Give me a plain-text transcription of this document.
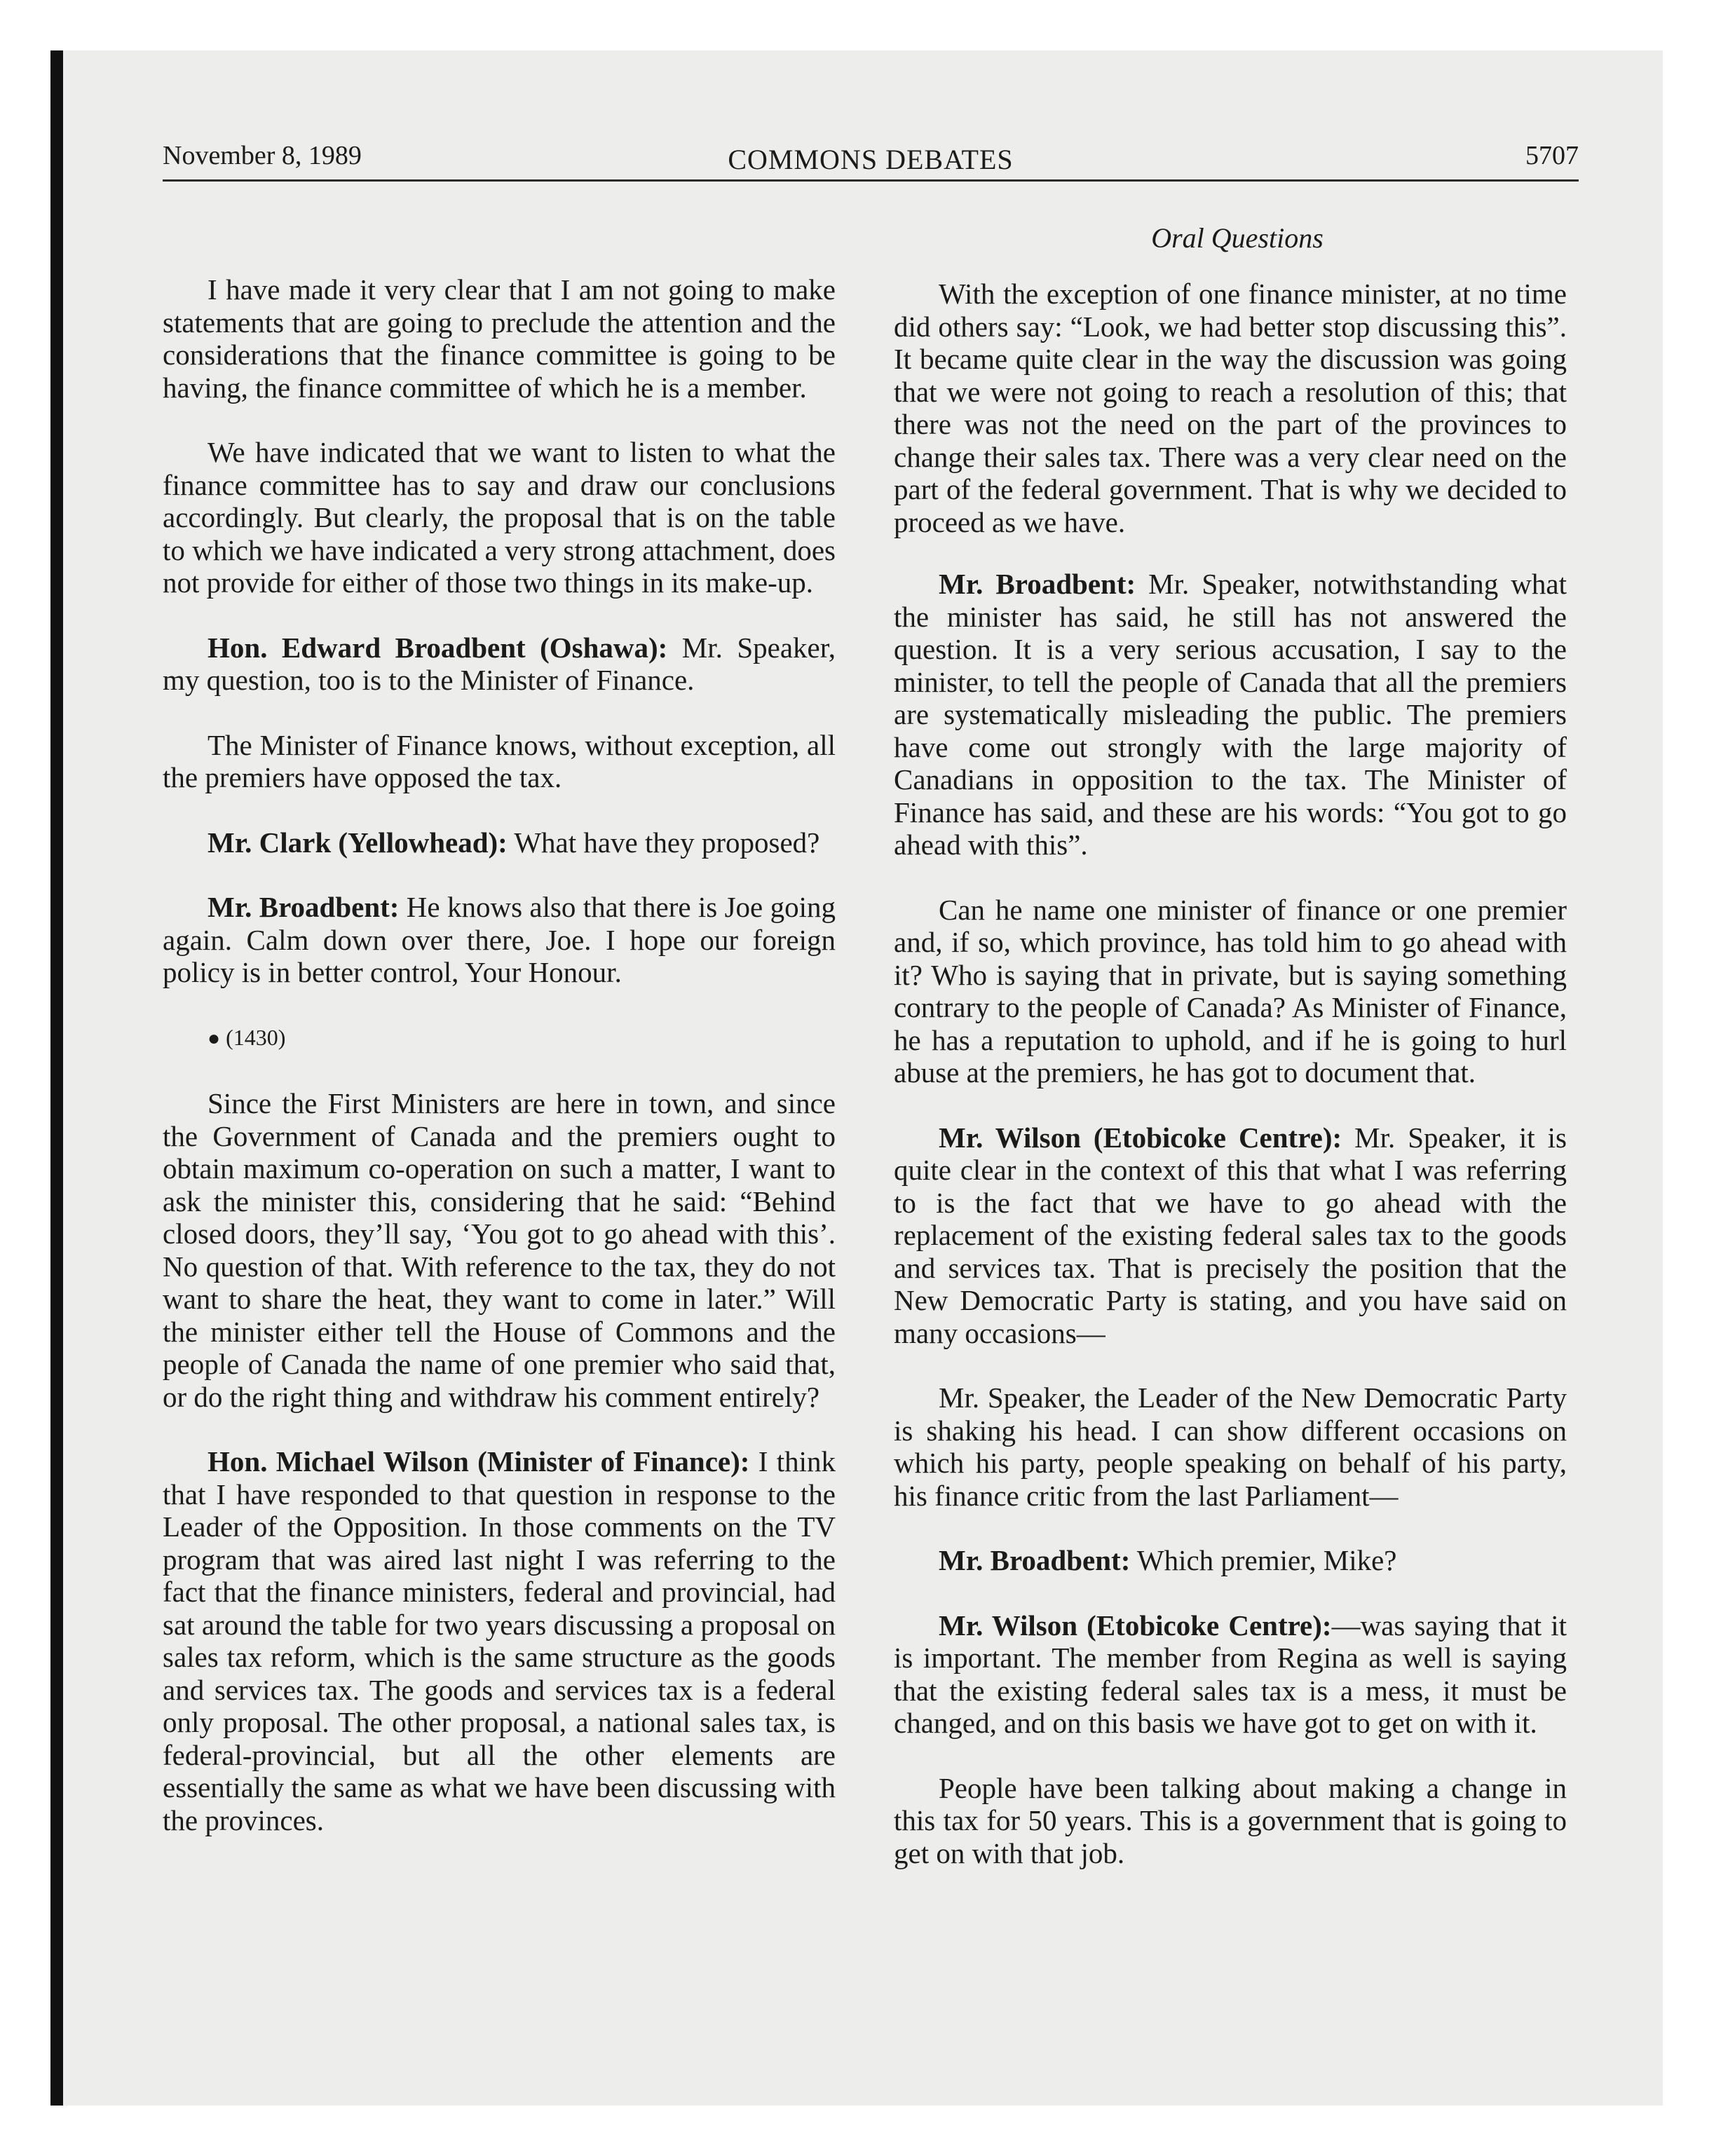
November 8, 1989	COMMONS DEBATES	5707
Oral Questions

I have made it very clear that I am not going to make statements that are going to preclude the attention and the considerations that the finance committee is going to be having, the finance committee of which he is a member.

We have indicated that we want to listen to what the finance committee has to say and draw our conclusions accordingly. But clearly, the proposal that is on the table to which we have indicated a very strong attachment, does not provide for either of those two things in its make-up.

Hon. Edward Broadbent (Oshawa): Mr. Speaker, my question, too is to the Minister of Finance.

The Minister of Finance knows, without exception, all the premiers have opposed the tax.

Mr. Clark (Yellowhead): What have they proposed?

Mr. Broadbent: He knows also that there is Joe going again. Calm down over there, Joe. I hope our foreign policy is in better control, Your Honour.

● (1430)

Since the First Ministers are here in town, and since the Government of Canada and the premiers ought to obtain maximum co-operation on such a matter, I want to ask the minister this, considering that he said: “Behind closed doors, they’ll say, ‘You got to go ahead with this’. No question of that. With reference to the tax, they do not want to share the heat, they want to come in later.” Will the minister either tell the House of Commons and the people of Canada the name of one premier who said that, or do the right thing and withdraw his comment entirely?

Hon. Michael Wilson (Minister of Finance): I think that I have responded to that question in response to the Leader of the Opposition. In those comments on the TV program that was aired last night I was referring to the fact that the finance ministers, federal and provincial, had sat around the table for two years discussing a proposal on sales tax reform, which is the same structure as the goods and services tax. The goods and services tax is a federal only proposal. The other proposal, a national sales tax, is federal-provincial, but all the other elements are essentially the same as what we have been discussing with the provinces.

With the exception of one finance minister, at no time did others say: “Look, we had better stop discussing this”. It became quite clear in the way the discussion was going that we were not going to reach a resolution of this; that there was not the need on the part of the provinces to change their sales tax. There was a very clear need on the part of the federal government. That is why we decided to proceed as we have.

Mr. Broadbent: Mr. Speaker, notwithstanding what the minister has said, he still has not answered the question. It is a very serious accusation, I say to the minister, to tell the people of Canada that all the premiers are systematically misleading the public. The premiers have come out strongly with the large majority of Canadians in opposition to the tax. The Minister of Finance has said, and these are his words: “You got to go ahead with this”.

Can he name one minister of finance or one premier and, if so, which province, has told him to go ahead with it? Who is saying that in private, but is saying something contrary to the people of Canada? As Minister of Finance, he has a reputation to uphold, and if he is going to hurl abuse at the premiers, he has got to document that.

Mr. Wilson (Etobicoke Centre): Mr. Speaker, it is quite clear in the context of this that what I was referring to is the fact that we have to go ahead with the replacement of the existing federal sales tax to the goods and services tax. That is precisely the position that the New Democratic Party is stating, and you have said on many occasions—

Mr. Speaker, the Leader of the New Democratic Party is shaking his head. I can show different occasions on which his party, people speaking on behalf of his party, his finance critic from the last Parliament—

Mr. Broadbent: Which premier, Mike?

Mr. Wilson (Etobicoke Centre):—was saying that it is important. The member from Regina as well is saying that the existing federal sales tax is a mess, it must be changed, and on this basis we have got to get on with it.

People have been talking about making a change in this tax for 50 years. This is a government that is going to get on with that job.
